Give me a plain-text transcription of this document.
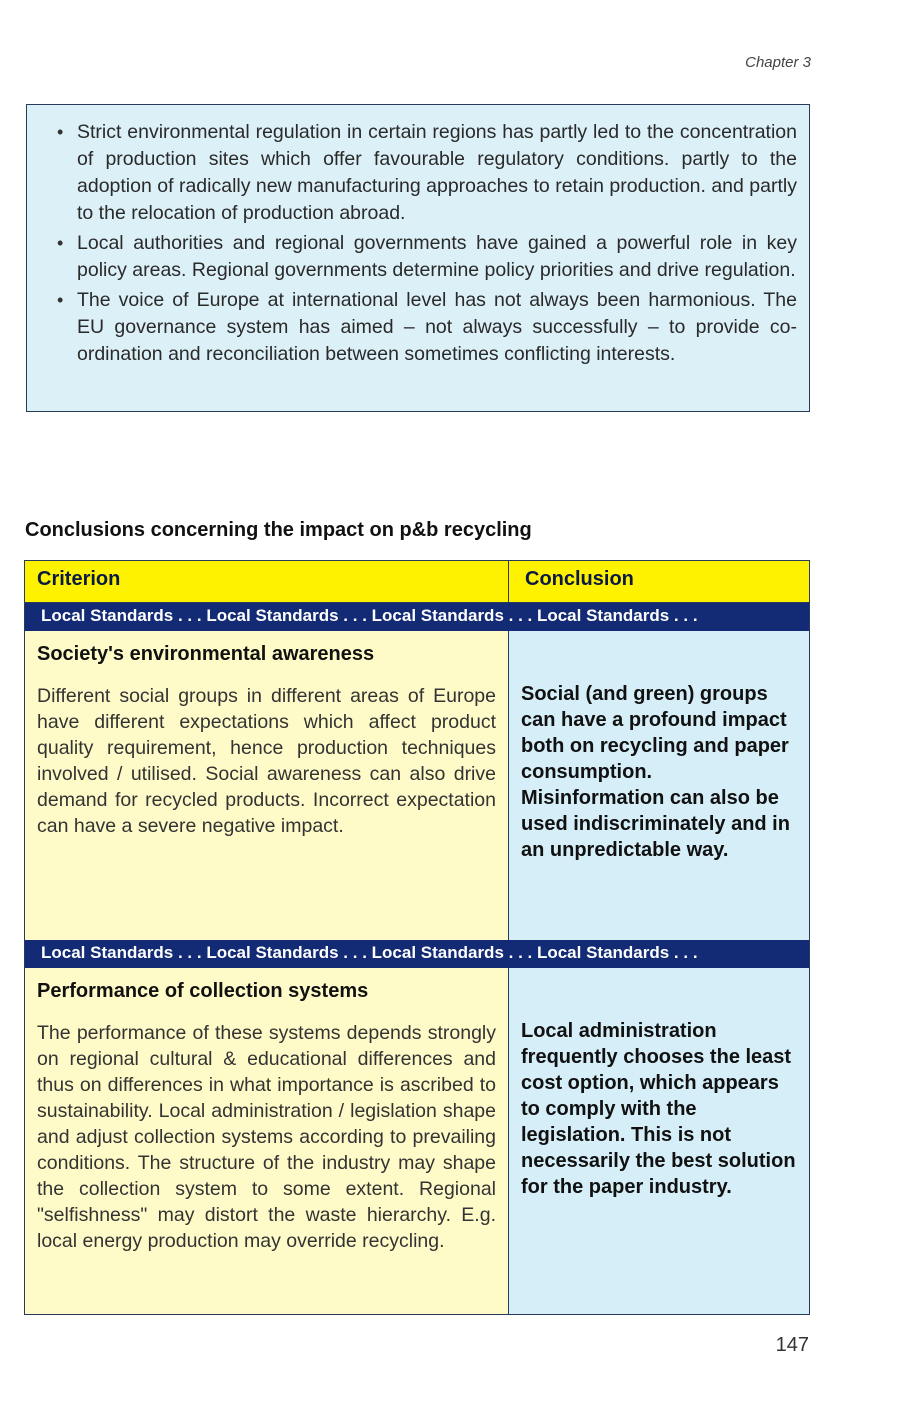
Chapter 3
• Strict environmental regulation in certain regions has partly led to the concentration of production sites which offer favourable regulatory conditions. partly to the adoption of radically new manufacturing approaches to retain production. and partly to the relocation of production abroad.
• Local authorities and regional governments have gained a powerful role in key policy areas. Regional governments determine policy priorities and drive regulation.
• The voice of Europe at international level has not always been harmonious. The EU governance system has aimed – not always successfully – to provide co-ordination and reconciliation between sometimes conflicting interests.
Conclusions concerning the impact on p&b recycling
Criterion	Conclusion
Local Standards . . . Local Standards . . . Local Standards . . . Local Standards . . .
Society's environmental awareness
Different social groups in different areas of Europe have different expectations which affect product quality requirement, hence production techniques involved / utilised. Social awareness can also drive demand for recycled products. Incorrect expectation can have a severe negative impact.
Social (and green) groups can have a profound impact both on recycling and paper consumption. Misinformation can also be used indiscriminately and in an unpredictable way.
Local Standards . . . Local Standards . . . Local Standards . . . Local Standards . . .
Performance of collection systems
The performance of these systems depends strongly on regional cultural & educational differences and thus on differences in what importance is ascribed to sustainability. Local administration / legislation shape and adjust collection systems according to prevailing conditions. The structure of the industry may shape the collection system to some extent. Regional "selfishness" may distort the waste hierarchy. E.g. local energy production may override recycling.
Local administration frequently chooses the least cost option, which appears to comply with the legislation. This is not necessarily the best solution for the paper industry.
147
